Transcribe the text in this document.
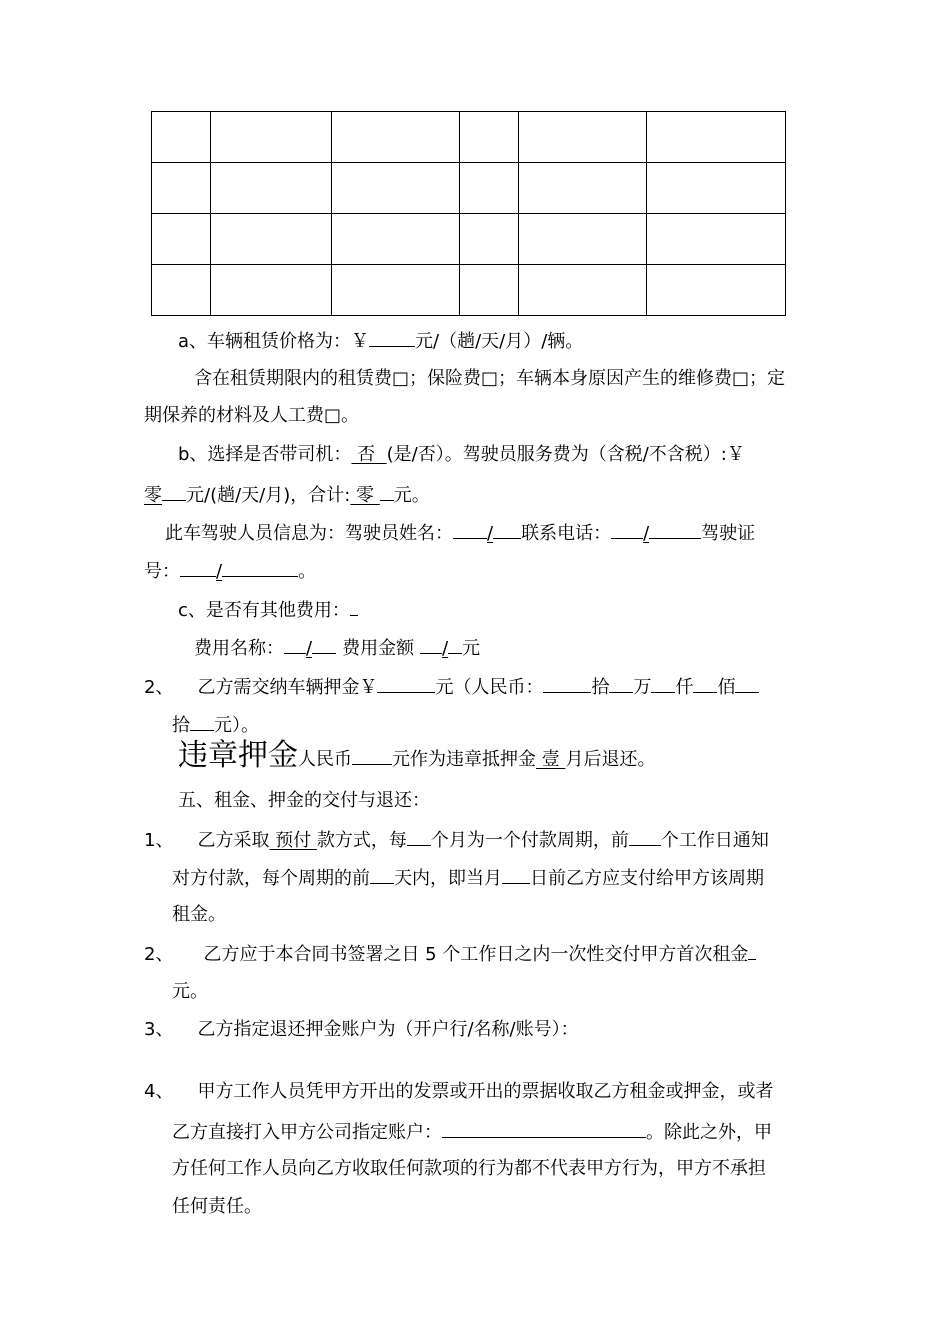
a、车辆租赁价格为：￥	元/（趟/天/月）/辆。
含在租赁期限内的租赁费□；保险费□；车辆本身原因产生的维修费□；定
期保养的材料及人工费□。
b、选择是否带司机： 否  (是/否）。驾驶员服务费为（含税/不含税）:￥
零 元/(趟/天/月)，合计: 零 元。
此车驾驶人员信息为：驾驶员姓名： / 联系电话： /	驾驶证
号： /	。
c、是否有其他费用：
费用名称： / 费用金额 / 元
2、 乙方需交纳车辆押金￥	元（人民币：	拾 万 仟 佰
拾 元）。
违章押金人民币 元作为违章抵押金 壹 月后退还。
五、租金、押金的交付与退还：
1、 乙方采取 预付 款方式，每 个月为一个付款周期，前 个工作日通知
对方付款，每个周期的前 天内，即当月 日前乙方应支付给甲方该周期
租金。
2、 乙方应于本合同书签署之日 5 个工作日之内一次性交付甲方首次租金
元。
3、 乙方指定退还押金账户为（开户行/名称/账号）：
4、 甲方工作人员凭甲方开出的发票或开出的票据收取乙方租金或押金，或者
乙方直接打入甲方公司指定账户：	。除此之外，甲
方任何工作人员向乙方收取任何款项的行为都不代表甲方行为，甲方不承担
任何责任。
